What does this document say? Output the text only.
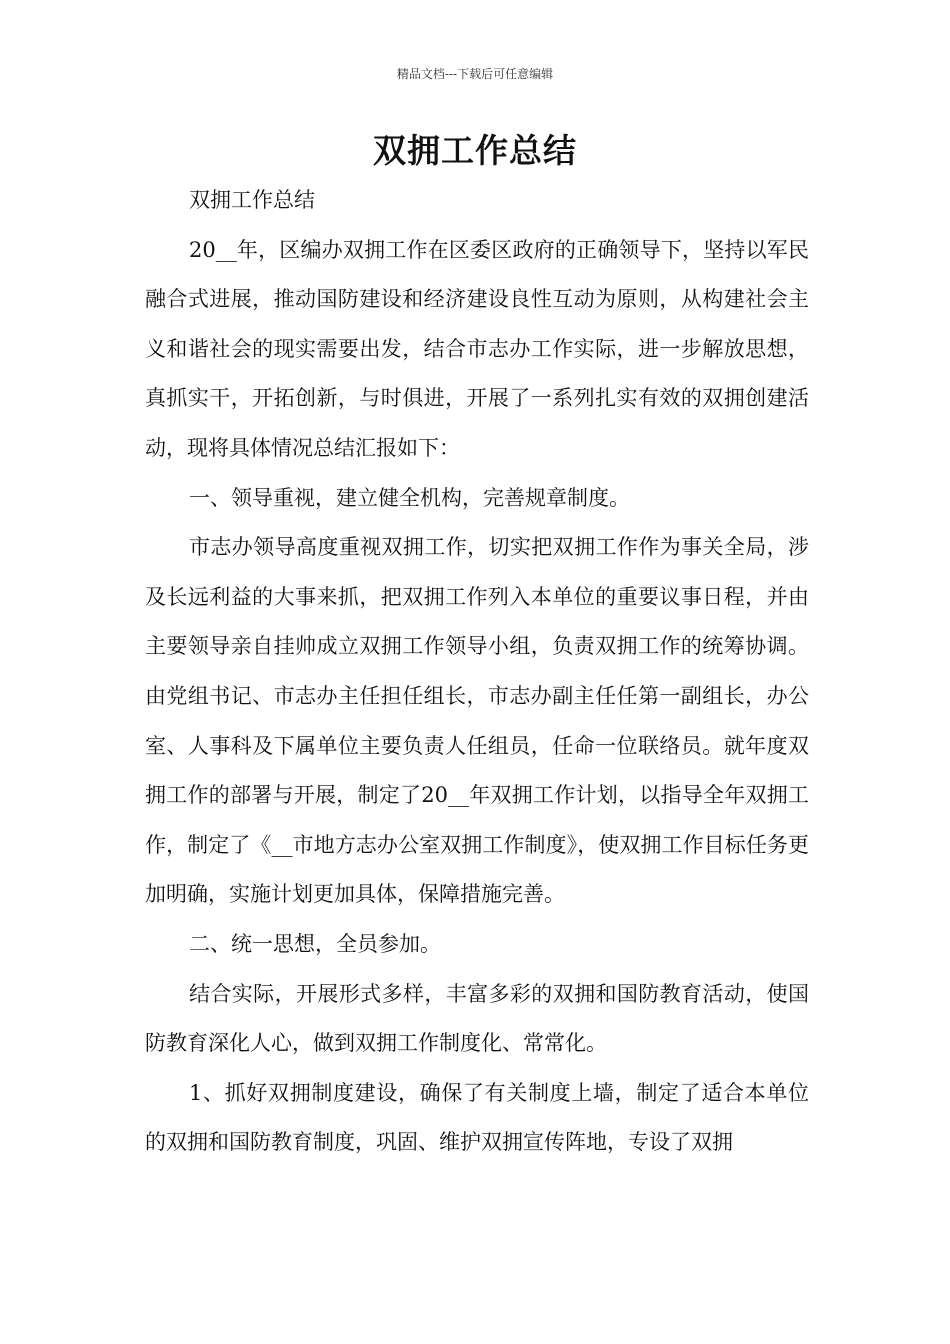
精品文档---下载后可任意编辑
双拥工作总结

双拥工作总结

20__年，区编办双拥工作在区委区政府的正确领导下，坚持以军民融合式进展，推动国防建设和经济建设良性互动为原则，从构建社会主义和谐社会的现实需要出发，结合市志办工作实际，进一步解放思想，真抓实干，开拓创新，与时俱进，开展了一系列扎实有效的双拥创建活动，现将具体情况总结汇报如下：

一、领导重视，建立健全机构，完善规章制度。

市志办领导高度重视双拥工作，切实把双拥工作作为事关全局，涉及长远利益的大事来抓，把双拥工作列入本单位的重要议事日程，并由主要领导亲自挂帅成立双拥工作领导小组，负责双拥工作的统筹协调。由党组书记、市志办主任担任组长，市志办副主任任第一副组长，办公室、人事科及下属单位主要负责人任组员，任命一位联络员。就年度双拥工作的部署与开展，制定了20__年双拥工作计划，以指导全年双拥工作，制定了《__市地方志办公室双拥工作制度》，使双拥工作目标任务更加明确，实施计划更加具体，保障措施完善。

二、统一思想，全员参加。

结合实际，开展形式多样，丰富多彩的双拥和国防教育活动，使国防教育深化人心，做到双拥工作制度化、常常化。

1、抓好双拥制度建设，确保了有关制度上墙，制定了适合本单位的双拥和国防教育制度，巩固、维护双拥宣传阵地，专设了双拥
